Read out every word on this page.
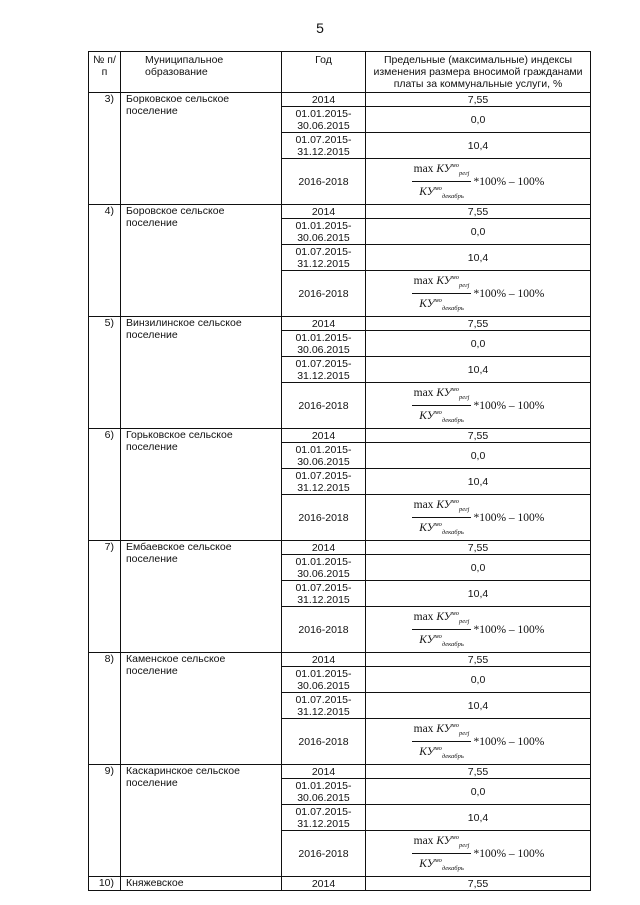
5
№ п/п	Муниципальное образование	Год	Предельные (максимальные) индексы изменения размера вносимой гражданами платы за коммунальные услуги, %
3)	Борковское сельское поселение	2014	7,55
		01.01.2015-30.06.2015	0,0
		01.07.2015-31.12.2015	10,4
		2016-2018	$\frac{\max КУ^{мо}_{pегj}}{КУ^{мо}_{декабрь}} *100\% - 100\%$

4)	Боровское сельское поселение	2014	7,55
		01.01.2015-30.06.2015	0,0
		01.07.2015-31.12.2015	10,4
		2016-2018	$\frac{\max КУ^{мо}_{pегj}}{КУ^{мо}_{декабрь}} *100\% - 100\%$

5)	Винзилинское сельское поселение	2014	7,55
		01.01.2015-30.06.2015	0,0
		01.07.2015-31.12.2015	10,4
		2016-2018	$\frac{\max КУ^{мо}_{pегj}}{КУ^{мо}_{декабрь}} *100\% - 100\%$

6)	Горьковское сельское поселение	2014	7,55
		01.01.2015-30.06.2015	0,0
		01.07.2015-31.12.2015	10,4
		2016-2018	$\frac{\max КУ^{мо}_{pегj}}{КУ^{мо}_{декабрь}} *100\% - 100\%$

7)	Ембаевское сельское поселение	2014	7,55
		01.01.2015-30.06.2015	0,0
		01.07.2015-31.12.2015	10,4
		2016-2018	$\frac{\max КУ^{мо}_{pегj}}{КУ^{мо}_{декабрь}} *100\% - 100\%$

8)	Каменское сельское поселение	2014	7,55
		01.01.2015-30.06.2015	0,0
		01.07.2015-31.12.2015	10,4
		2016-2018	$\frac{\max КУ^{мо}_{pегj}}{КУ^{мо}_{декабрь}} *100\% - 100\%$

9)	Каскаринское сельское поселение	2014	7,55
		01.01.2015-30.06.2015	0,0
		01.07.2015-31.12.2015	10,4
		2016-2018	$\frac{\max КУ^{мо}_{pегj}}{КУ^{мо}_{декабрь}} *100\% - 100\%$

10)	Княжевское	2014	7,55
